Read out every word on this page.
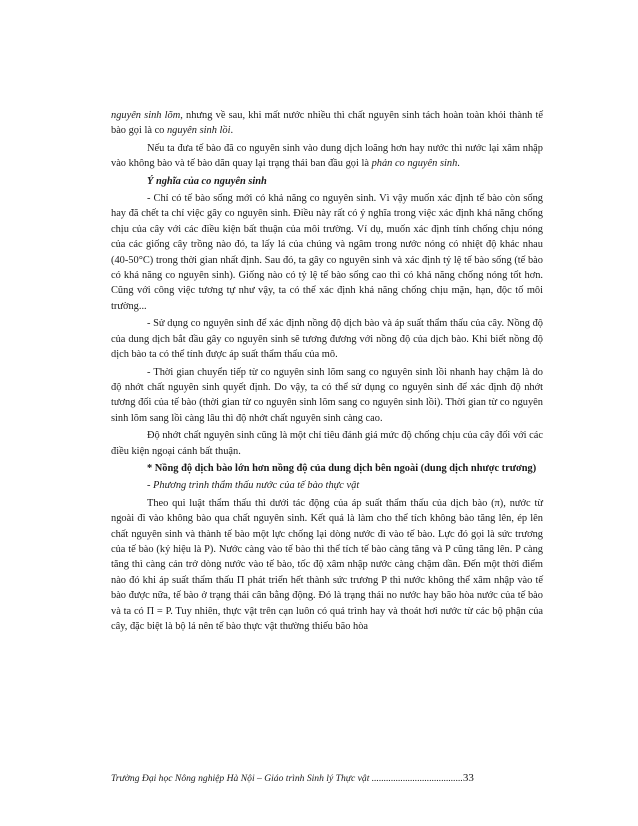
nguyên sinh lõm, nhưng về sau, khi mất nước nhiều thì chất nguyên sinh tách hoàn toàn khỏi thành tế bào gọi là co nguyên sinh lồi.

Nếu ta đưa tế bào đã co nguyên sinh vào dung dịch loãng hơn hay nước thì nước lại xâm nhập vào không bào và tế bào dãn quay lại trạng thái ban đầu gọi là phản co nguyên sinh.

Ý nghĩa của co nguyên sinh

- Chỉ có tế bào sống mới có khả năng co nguyên sinh. Vì vậy muốn xác định tế bào còn sống hay đã chết ta chỉ việc gây co nguyên sinh. Điều này rất có ý nghĩa trong việc xác định khả năng chống chịu của cây với các điều kiện bất thuận của môi trường. Ví dụ, muốn xác định tính chống chịu nóng của các giống cây trồng nào đó, ta lấy lá của chúng và ngâm trong nước nóng có nhiệt độ khác nhau (40-50°C) trong thời gian nhất định. Sau đó, ta gây co nguyên sinh và xác định tỷ lệ tế bào sống (tế bào có khả năng co nguyên sinh). Giống nào có tỷ lệ tế bào sống cao thì có khả năng chống nóng tốt hơn. Cũng với công việc tương tự như vậy, ta có thể xác định khả năng chống chịu mặn, hạn, độc tố môi trường...

- Sử dụng co nguyên sinh để xác định nồng độ dịch bào và áp suất thẩm thấu của cây. Nồng độ của dung dịch bắt đầu gây co nguyên sinh sẽ tương đương với nồng độ của dịch bào. Khi biết nồng độ dịch bào ta có thể tính được áp suất thẩm thấu của mô.

- Thời gian chuyển tiếp từ co nguyên sinh lõm sang co nguyên sinh lồi nhanh hay chậm là do độ nhớt chất nguyên sinh quyết định. Do vậy, ta có thể sử dụng co nguyên sinh để xác định độ nhớt tương đối của tế bào (thời gian từ co nguyên sinh lõm sang co nguyên sinh lồi). Thời gian từ co nguyên sinh lõm sang lồi càng lâu thì độ nhớt chất nguyên sinh càng cao.

Độ nhớt chất nguyên sinh cũng là một chỉ tiêu đánh giá mức độ chống chịu của cây đối với các điều kiện ngoại cảnh bất thuận.

* Nồng độ dịch bào lớn hơn nồng độ của dung dịch bên ngoài (dung dịch nhược trương)

- Phương trình thẩm thấu nước của tế bào thực vật

Theo qui luật thẩm thấu thì dưới tác động của áp suất thẩm thấu của dịch bào (π), nước từ ngoài đi vào không bào qua chất nguyên sinh. Kết quả là làm cho thể tích không bào tăng lên, ép lên chất nguyên sinh và thành tế bào một lực chống lại dòng nước đi vào tế bào. Lực đó gọi là sức trương của tế bào (ký hiệu là P). Nước càng vào tế bào thì thể tích tế bào càng tăng và P cũng tăng lên. P càng tăng thì càng cản trở dòng nước vào tế bào, tốc độ xâm nhập nước càng chậm dần. Đến một thời điểm nào đó khi áp suất thẩm thấu Π phát triển hết thành sức trương P thì nước không thể xâm nhập vào tế bào được nữa, tế bào ở trạng thái cân bằng động. Đó là trạng thái no nước hay bão hòa nước của tế bào và ta có Π = P. Tuy nhiên, thực vật trên cạn luôn có quá trình hay và thoát hơi nước từ các bộ phận của cây, đặc biệt là bộ lá nên tế bào thực vật thường thiếu bão hòa

Trường Đại học Nông nghiệp Hà Nội – Giáo trình Sinh lý Thực vật ......................................33
